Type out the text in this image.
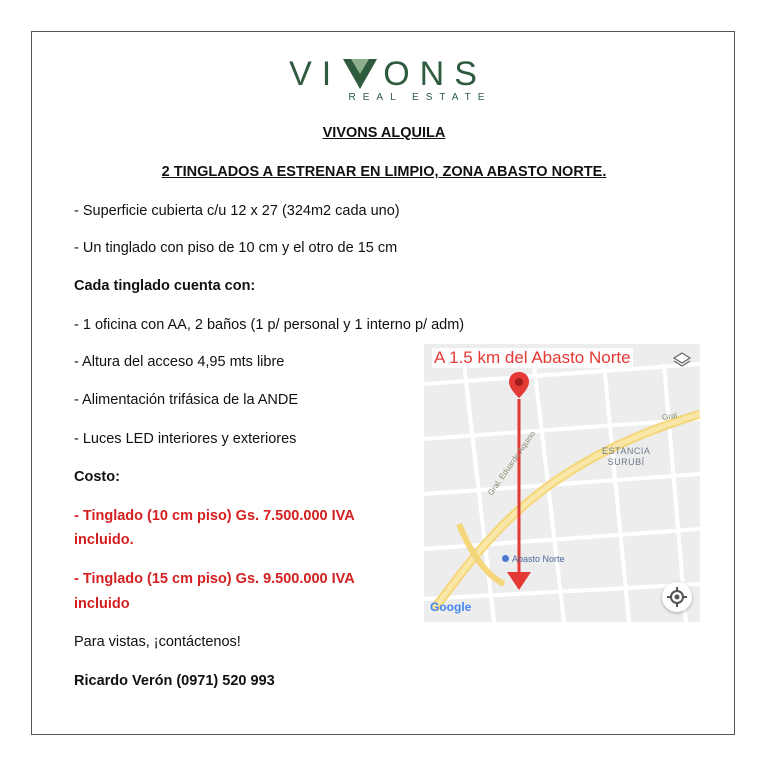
VI ONS
REAL ESTATE
VIVONS ALQUILA
2 TINGLADOS A ESTRENAR EN LIMPIO, ZONA ABASTO NORTE.
- Superficie cubierta c/u 12 x 27 (324m2 cada uno)
- Un tinglado con piso de 10 cm y el otro de 15 cm
Cada tinglado cuenta con:
- 1 oficina con AA, 2 baños (1 p/ personal y 1 interno p/ adm)
- Altura del acceso 4,95 mts libre
- Alimentación trifásica de la ANDE
- Luces LED interiores y exteriores
Costo:
- Tinglado (10 cm piso) Gs. 7.500.000 IVA
incluido.
- Tinglado (15 cm piso) Gs. 9.500.000 IVA
incluido
Para vistas, ¡contáctenos!
Ricardo Verón (0971) 520 993
A 1.5 km del Abasto Norte
ESTANCIA
SURUBÍ
Gral
Gral. Eduardo Aquino
Abasto Norte
Google
